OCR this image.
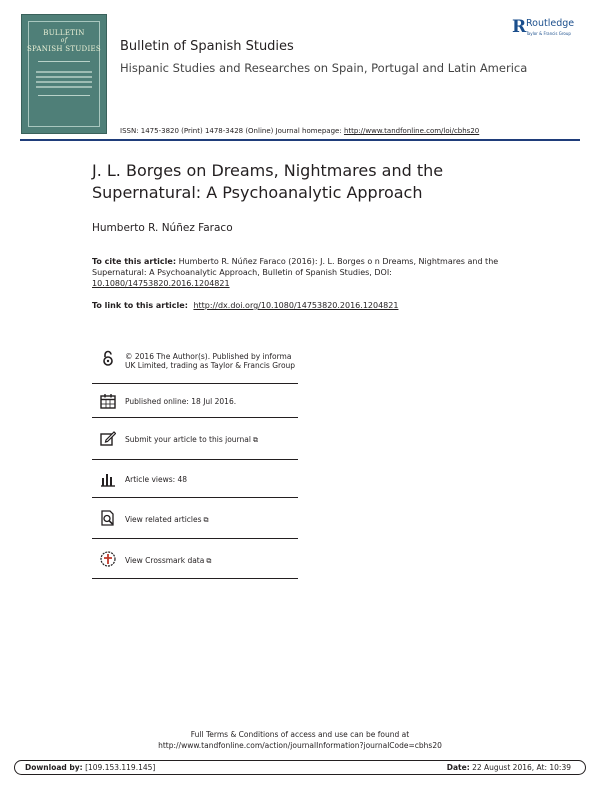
BULLETIN
of
SPANISH STUDIES	Bulletin of Spanish Studies
Hispanic Studies and Researches on Spain, Portugal and Latin America
R Routledge
Taylor & Francis Group
ISSN: 1475-3820 (Print) 1478-3428 (Online) Journal homepage: http://www.tandfonline.com/loi/cbhs20
J. L. Borges on Dreams, Nightmares and the Supernatural: A Psychoanalytic Approach
Humberto R. Núñez Faraco
To cite this article: Humberto R. Núñez Faraco (2016): J. L. Borges o n Dreams, Nightmares and the Supernatural: A Psychoanalytic Approach, Bulletin of Spanish Studies, DOI: 10.1080/14753820.2016.1204821
To link to this article: http://dx.doi.org/10.1080/14753820.2016.1204821
© 2016 The Author(s). Published by informa UK Limited, trading as Taylor & Francis Group
Published online: 18 Jul 2016.
Submit your article to this journal ⧉
Article views: 48
View related articles ⧉
View Crossmark data ⧉
Full Terms & Conditions of access and use can be found at
http://www.tandfonline.com/action/journalInformation?journalCode=cbhs20
Download by: [109.153.119.145]	Date: 22 August 2016, At: 10:39
